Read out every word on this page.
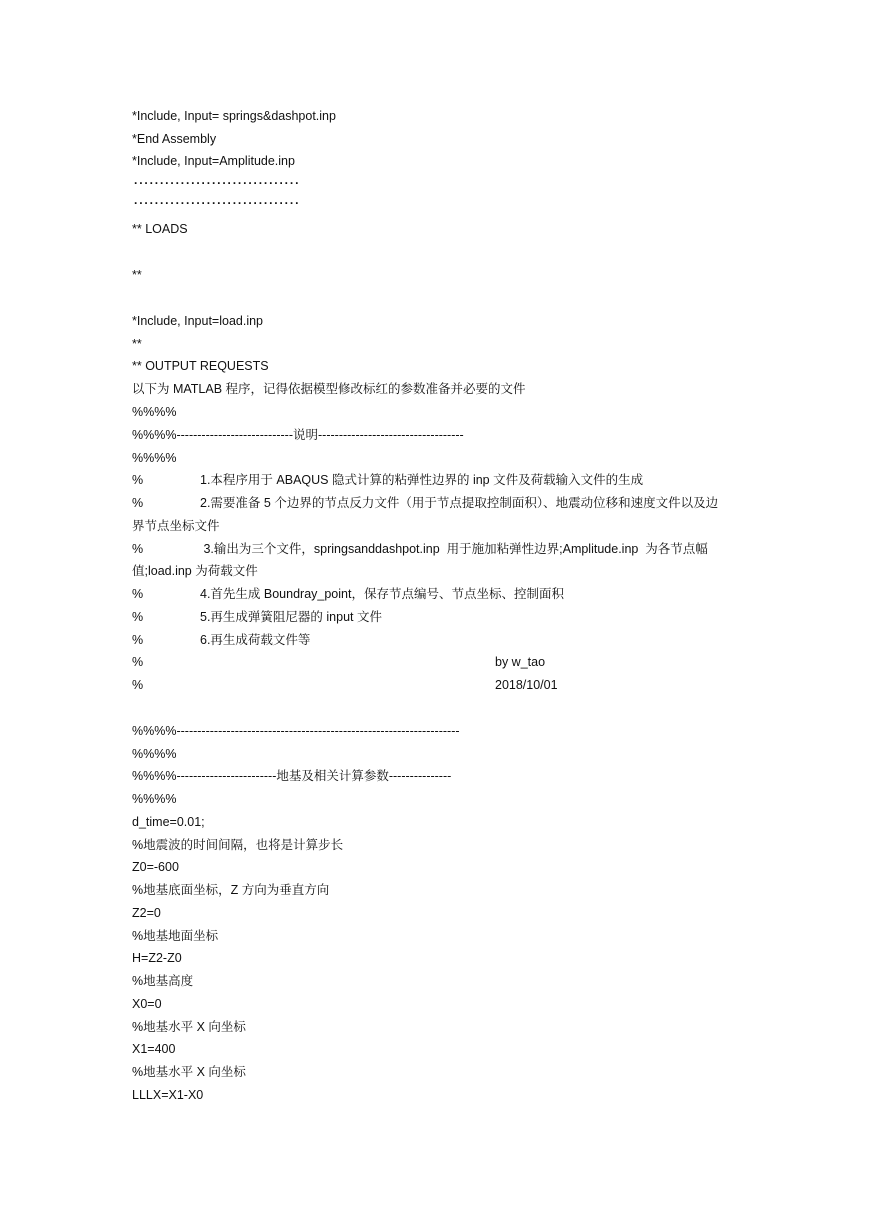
*Include, Input= springs&dashpot.inp
*End Assembly
*Include, Input=Amplitude.inp
································
································
** LOADS
**
*Include, Input=load.inp
**
** OUTPUT REQUESTS
以下为 MATLAB 程序，记得依据模型修改标红的参数准备并必要的文件
%%%%
%%%%----------------------------说明-----------------------------------
%%%%
%	1.本程序用于 ABAQUS 隐式计算的粘弹性边界的 inp 文件及荷载输入文件的生成
%	2.需要准备 5 个边界的节点反力文件（用于节点提取控制面积）、地震动位移和速度文件以及边
界节点坐标文件
%	3.输出为三个文件，springsanddashpot.inp  用于施加粘弹性边界;Amplitude.inp  为各节点幅
值;load.inp 为荷载文件
%	4.首先生成 Boundray_point，保存节点编号、节点坐标、控制面积
%	5.再生成弹簧阻尼器的 input 文件
%	6.再生成荷载文件等
%	by w_tao
%	2018/10/01
%%%%--------------------------------------------------------------------
%%%%
%%%%------------------------地基及相关计算参数---------------
%%%%
d_time=0.01;
%地震波的时间间隔，也将是计算步长
Z0=-600
%地基底面坐标，Z 方向为垂直方向
Z2=0
%地基地面坐标
H=Z2-Z0
%地基高度
X0=0
%地基水平 X 向坐标
X1=400
%地基水平 X 向坐标
LLLX=X1-X0
